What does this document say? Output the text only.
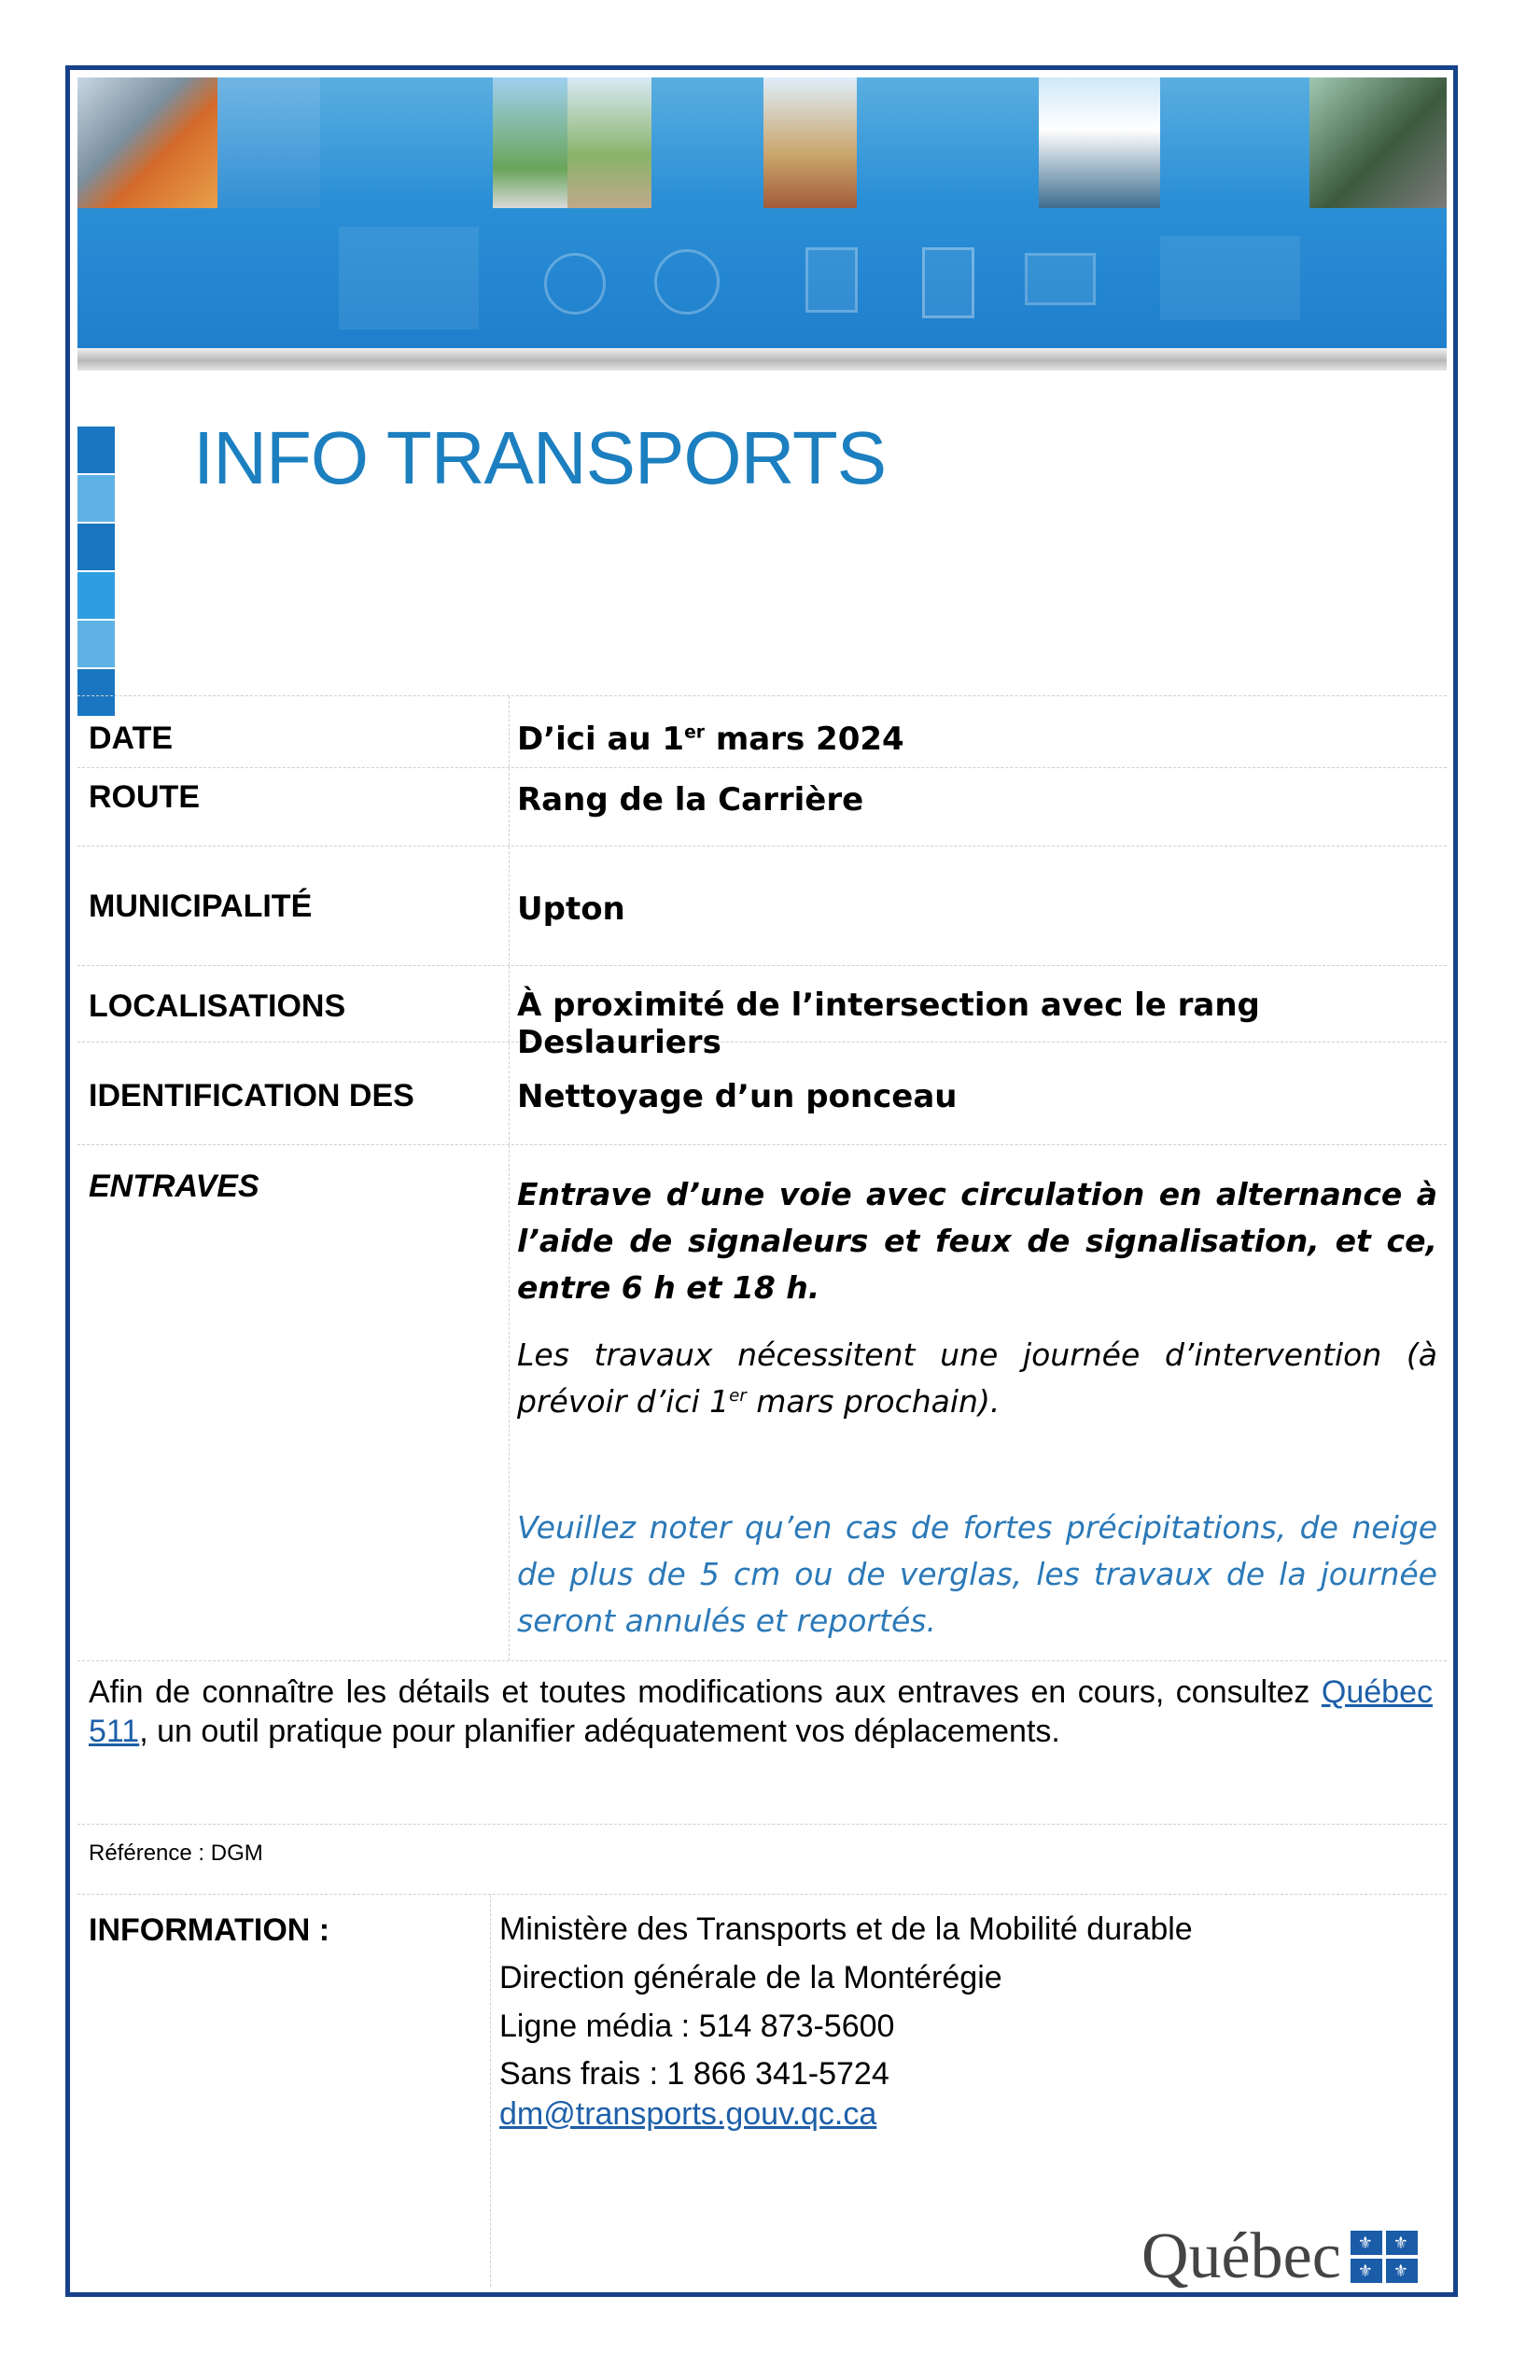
INFO TRANSPORTS
DATE	D’ici au 1er mars 2024
ROUTE	Rang de la Carrière
MUNICIPALITÉ	Upton
LOCALISATIONS	À proximité de l’intersection avec le rang Deslauriers
IDENTIFICATION DES	Nettoyage d’un ponceau
ENTRAVES	Entrave d’une voie avec circulation en alternance à l’aide de signaleurs et feux de signalisation, et ce, entre 6 h et 18 h.
Les travaux nécessitent une journée d’intervention (à prévoir d’ici 1er mars prochain).
Veuillez noter qu’en cas de fortes précipitations, de neige de plus de 5 cm ou de verglas, les travaux de la journée seront annulés et reportés.
Afin de connaître les détails et toutes modifications aux entraves en cours, consultez Québec 511, un outil pratique pour planifier adéquatement vos déplacements.
Référence : DGM
INFORMATION :	Ministère des Transports et de la Mobilité durable
Direction générale de la Montérégie
Ligne média : 514 873-5600
Sans frais : 1 866 341-5724
dm@transports.gouv.qc.ca
Québec ⚜ ⚜
⚜ ⚜
